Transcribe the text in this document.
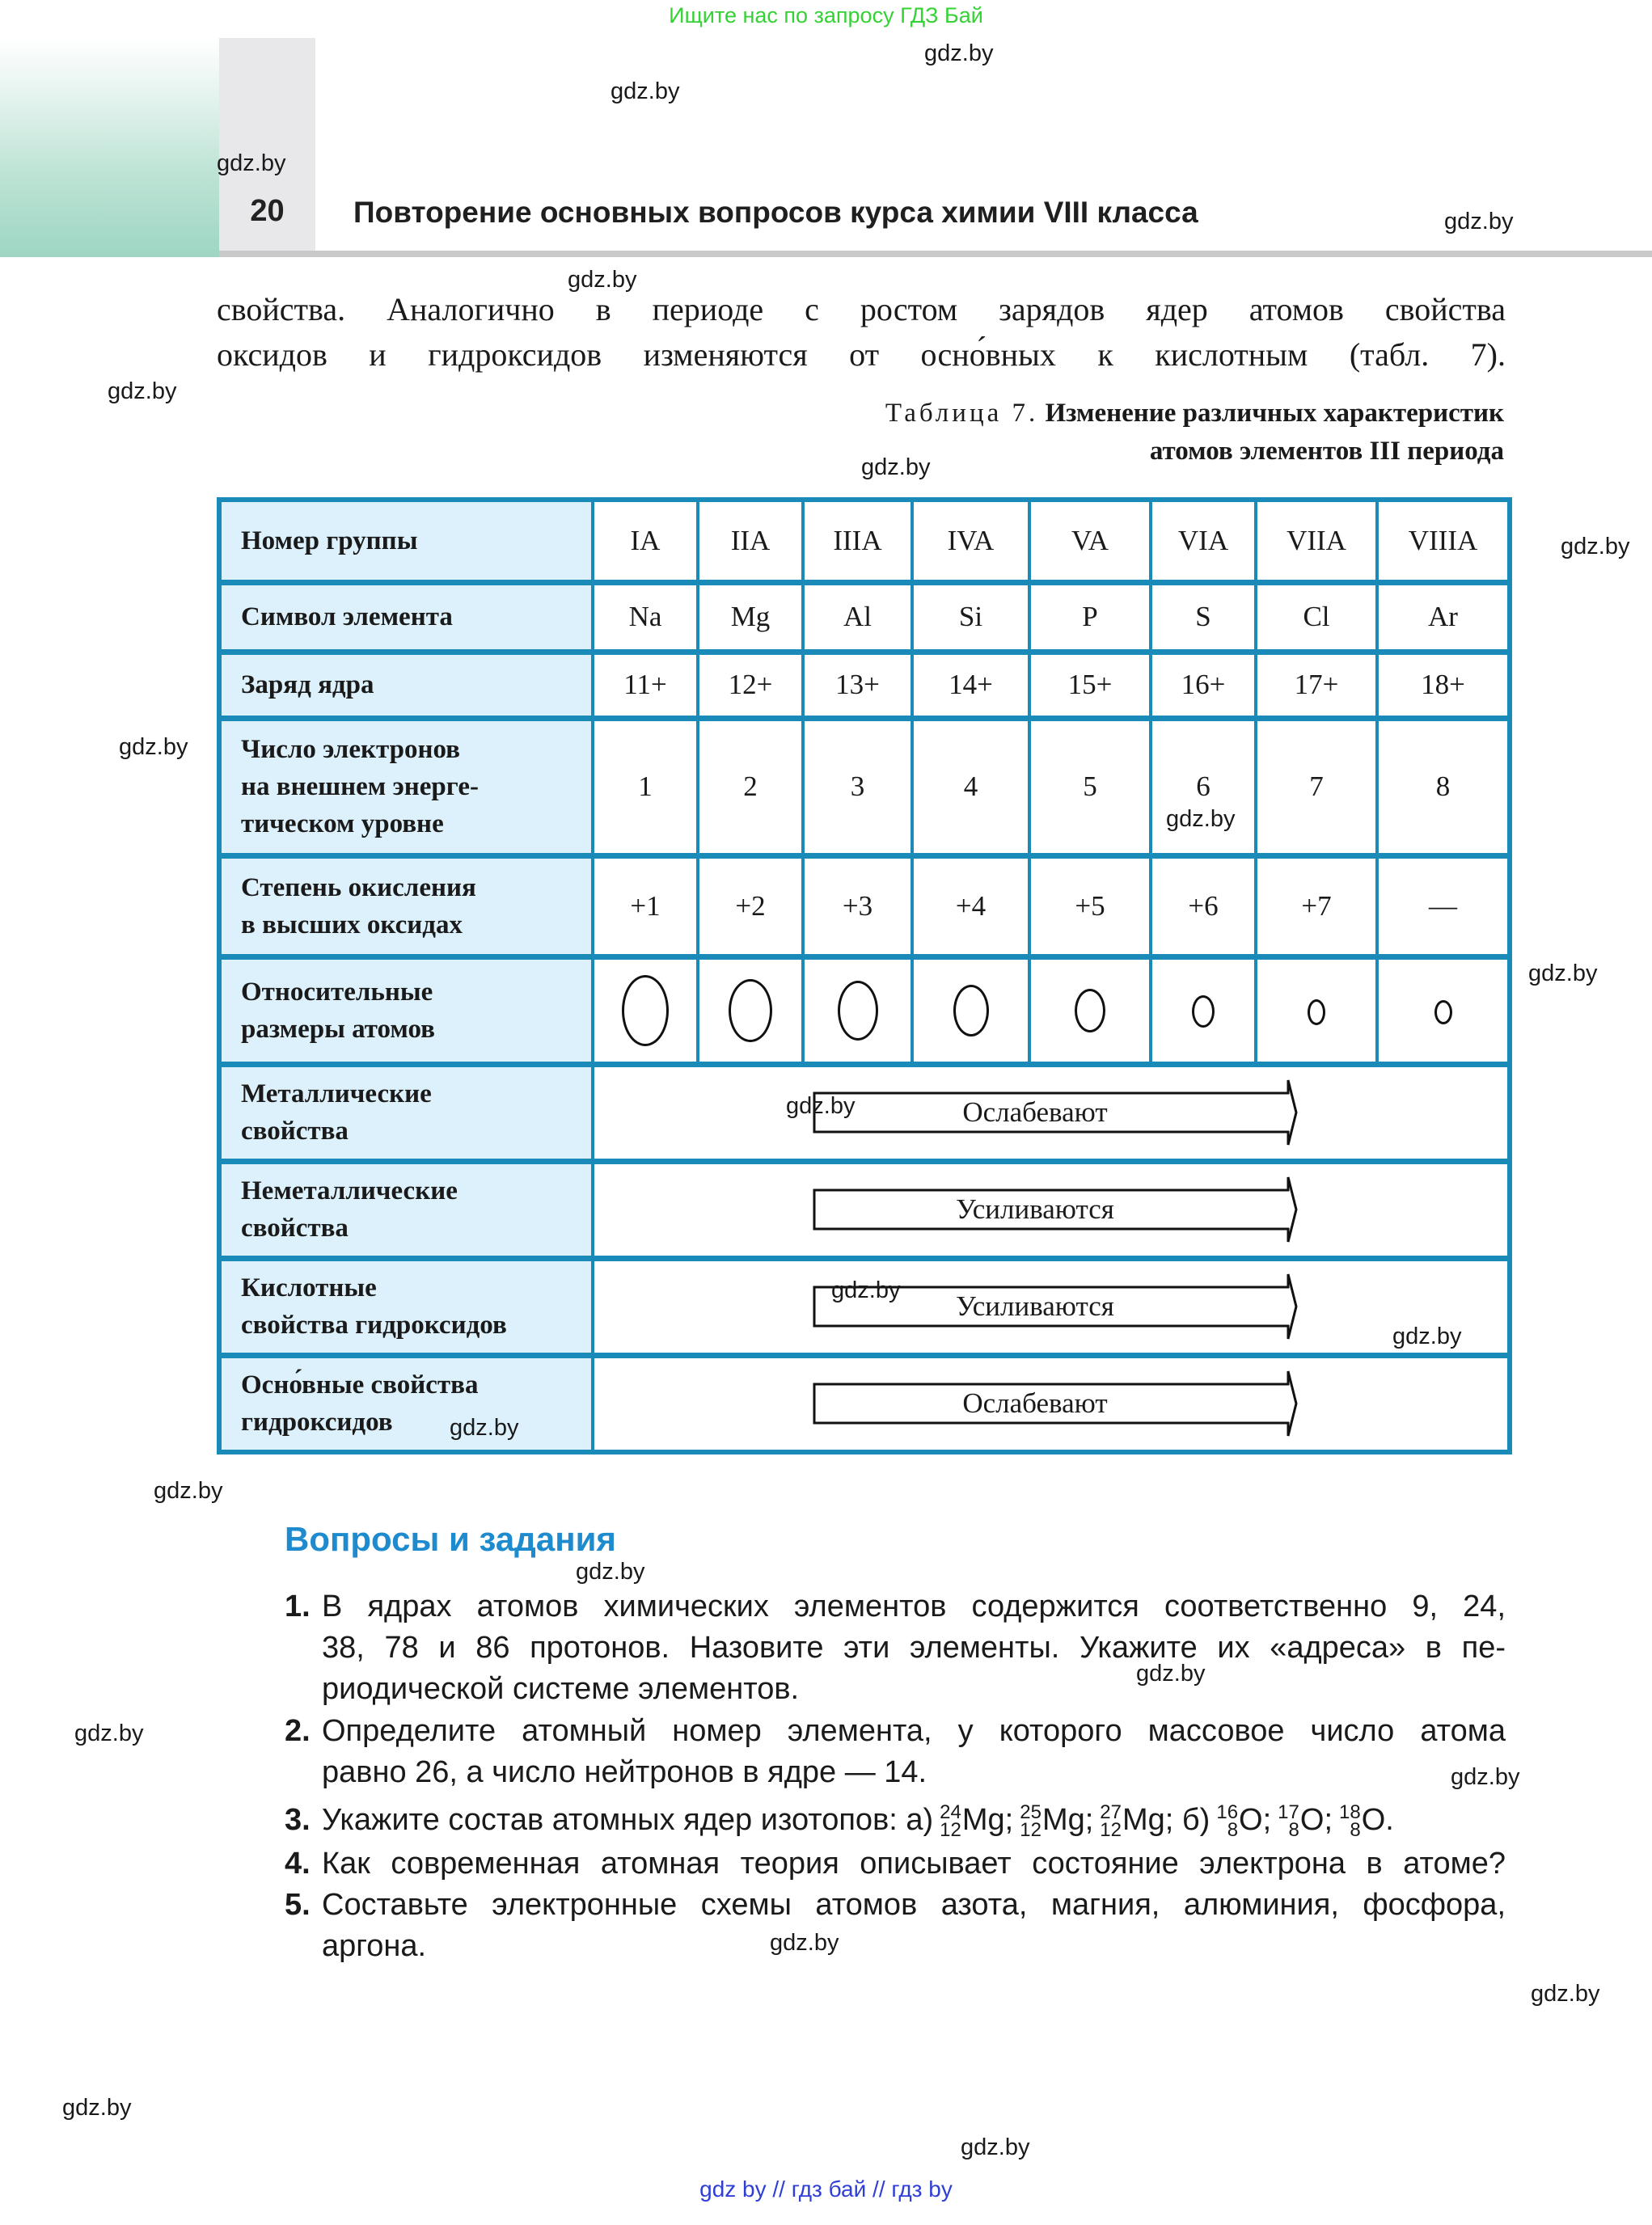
Ищите нас по запросу ГДЗ Бай
20	Повторение основных вопросов курса химии VIII класса
свойства. Аналогично в периоде с ростом зарядов ядер атомов свойства
оксидов и гидроксидов изменяются от осно́вных к кислотным (табл. 7).
Таблица 7. Изменение различных характеристик
атомов элементов III периода
Номер группы	IA	IIA	IIIA	IVA	VA	VIA	VIIA	VIIIA
Символ элемента	Na	Mg	Al	Si	P	S	Cl	Ar
Заряд ядра	11+	12+	13+	14+	15+	16+	17+	18+

Число электронов
на внешнем энерге-
тическом уровне	1	2	3	4	5	6	7	8

Степень окисления
в высших оксидах	+1	+2	+3	+4	+5	+6	+7	—

Относительные
размеры атомов								

Металлические
свойства	Ослабевают							

Неметаллические
свойства	Усиливаются							

Кислотные
свойства гидроксидов	Усиливаются							

Осно́вные свойства
гидроксидов	Ослабевают							
Вопросы и задания
1. В ядрах атомов химических элементов содержится соответственно 9, 24,
38, 78 и 86 протонов. Назовите эти элементы. Укажите их «адреса» в пе-
риодической системе элементов.
2. Определите атомный номер элемента, у которого массовое число атома
равно 26, а число нейтронов в ядре — 14.
3. Укажите состав атомных ядер изотопов: а) 24
12 Mg; 25
12 Mg; 27
12 Mg; б) 16
8 O; 17
8 O; 18
8 O.
4. Как современная атомная теория описывает состояние электрона в атоме?
5. Составьте электронные схемы атомов азота, магния, алюминия, фосфора,
аргона.
gdz.by
gdz.by
gdz.by
gdz.by
gdz.by
gdz.by
gdz.by
gdz.by
gdz.by
gdz.by
gdz.by
gdz.by
gdz.by
gdz.by
gdz.by
gdz.by
gdz.by
gdz.by
gdz.by
gdz.by
gdz.by
gdz.by
gdz.by
gdz.by
gdz by // гдз бай // гдз by
